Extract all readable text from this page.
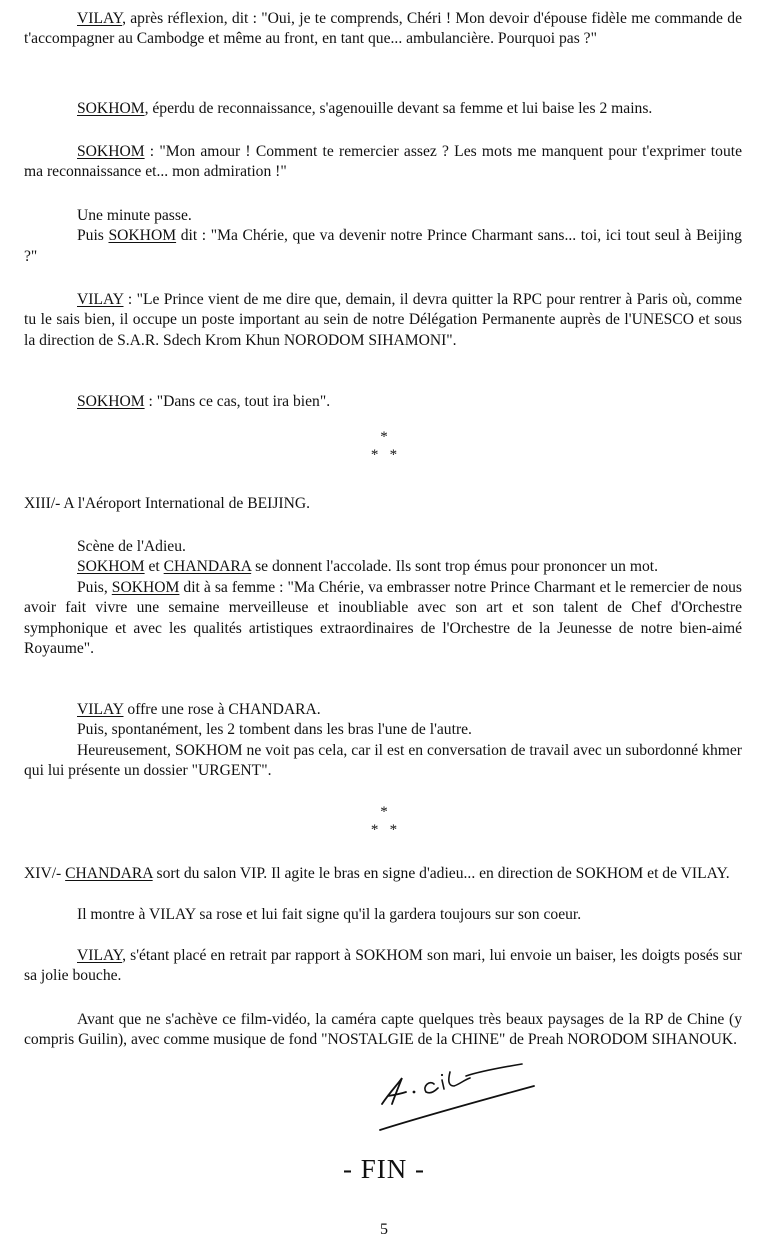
VILAY, après réflexion, dit : "Oui, je te comprends, Chéri ! Mon devoir d'épouse fidèle me commande de t'accompagner au Cambodge et même au front, en tant que... ambulancière. Pourquoi pas ?"

SOKHOM, éperdu de reconnaissance, s'agenouille devant sa femme et lui baise les 2 mains.

SOKHOM : "Mon amour ! Comment te remercier assez ? Les mots me manquent pour t'exprimer toute ma reconnaissance et... mon admiration !"

Une minute passe.

Puis SOKHOM dit : "Ma Chérie, que va devenir notre Prince Charmant sans... toi, ici tout seul à Beijing ?"

VILAY : "Le Prince vient de me dire que, demain, il devra quitter la RPC pour rentrer à Paris où, comme tu le sais bien, il occupe un poste important au sein de notre Délégation Permanente auprès de l'UNESCO et sous la direction de S.A.R. Sdech Krom Khun NORODOM SIHAMONI".

SOKHOM : "Dans ce cas, tout ira bien".

*
*   *
XIII/- A l'Aéroport International de BEIJING.
Scène de l'Adieu.

SOKHOM et CHANDARA se donnent l'accolade. Ils sont trop émus pour prononcer un mot.

Puis, SOKHOM dit à sa femme : "Ma Chérie, va embrasser notre Prince Charmant et le remercier de nous avoir fait vivre une semaine merveilleuse et inoubliable avec son art et son talent de Chef d'Orchestre symphonique et avec les qualités artistiques extraordinaires de l'Orchestre de la Jeunesse de notre bien-aimé Royaume".

VILAY offre une rose à CHANDARA.

Puis, spontanément, les 2 tombent dans les bras l'une de l'autre.

Heureusement, SOKHOM ne voit pas cela, car il est en conversation de travail avec un subordonné khmer qui lui présente un dossier "URGENT".

*
*   *

XIV/- CHANDARA sort du salon VIP. Il agite le bras en signe d'adieu... en direction de SOKHOM et de VILAY.

Il montre à VILAY sa rose et lui fait signe qu'il la gardera toujours sur son coeur.

VILAY, s'étant placé en retrait par rapport à SOKHOM son mari, lui envoie un baiser, les doigts posés sur sa jolie bouche.

Avant que ne s'achève ce film-vidéo, la caméra capte quelques très beaux paysages de la RP de Chine (y compris Guilin), avec comme musique de fond "NOSTALGIE de la CHINE" de Preah NORODOM SIHANOUK.

- FIN -
5
